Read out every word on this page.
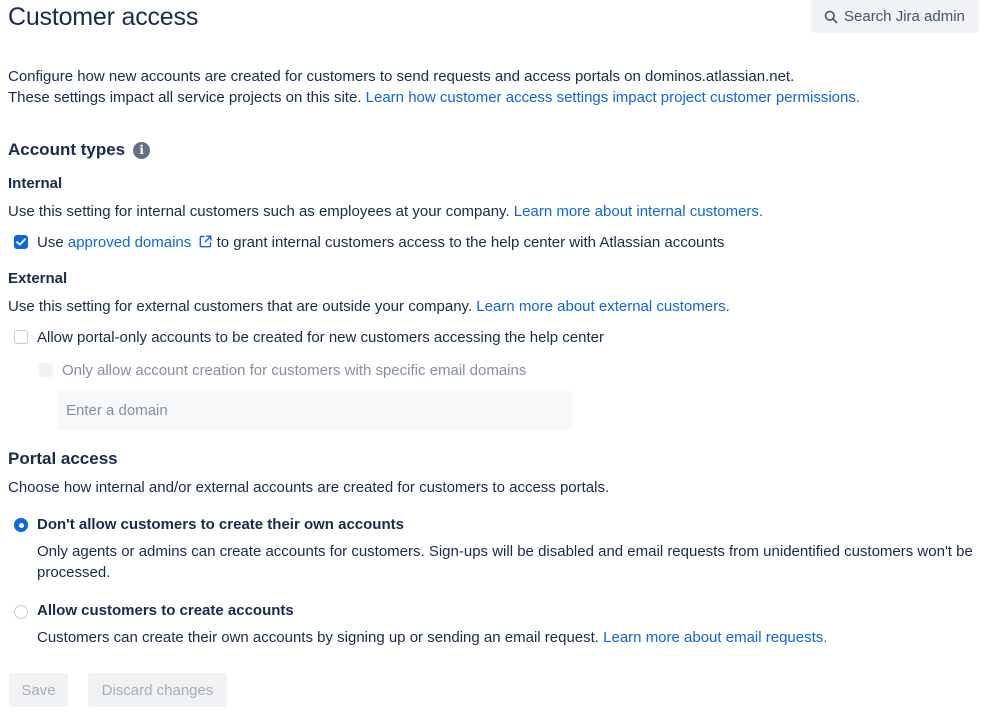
Customer access	Search Jira admin
Configure how new accounts are created for customers to send requests and access portals on dominos.atlassian.net.
These settings impact all service projects on this site. Learn how customer access settings impact project customer permissions.
Account types i
Internal
Use this setting for internal customers such as employees at your company. Learn more about internal customers.
Use approved domains to grant internal customers access to the help center with Atlassian accounts
External
Use this setting for external customers that are outside your company. Learn more about external customers.
Allow portal-only accounts to be created for new customers accessing the help center
Only allow account creation for customers with specific email domains
Enter a domain
Portal access
Choose how internal and/or external accounts are created for customers to access portals.
Don't allow customers to create their own accounts
Only agents or admins can create accounts for customers. Sign-ups will be disabled and email requests from unidentified customers won't be
processed.
Allow customers to create accounts
Customers can create their own accounts by signing up or sending an email request. Learn more about email requests.
Save	Discard changes
